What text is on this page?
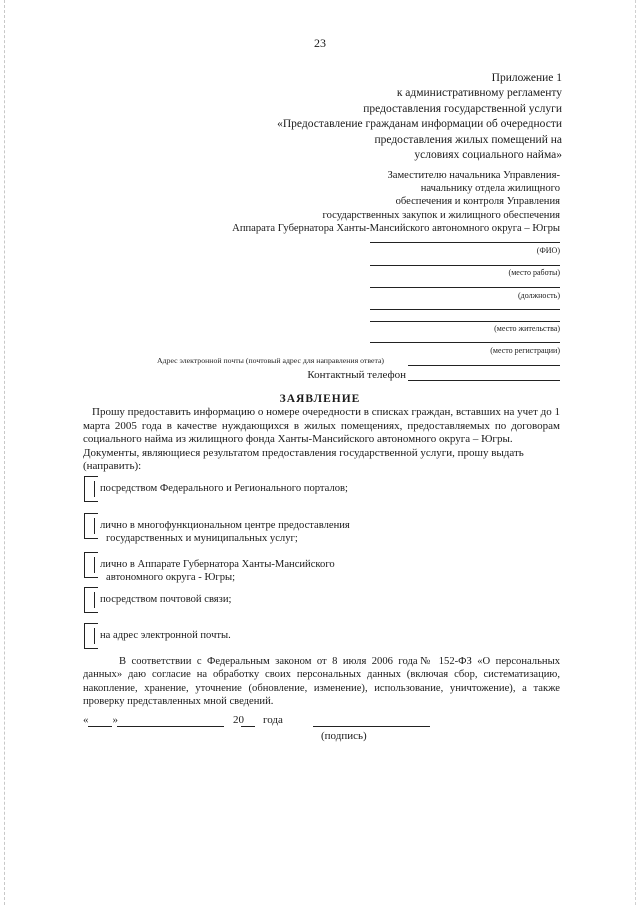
23
Приложение 1
к административному регламенту
предоставления государственной услуги
«Предоставление гражданам информации об очередности
предоставления жилых помещений на
условиях социального найма»
Заместителю начальника Управления-
начальнику отдела жилищного
обеспечения и контроля Управления
государственных закупок и жилищного обеспечения
Аппарата Губернатора Ханты-Мансийского автономного округа – Югры
(ФИО)
(место работы)
(должность)
(место жительства)
(место регистрации)
Адрес электронной почты (почтовый адрес для направления ответа)
Контактный телефон
ЗАЯВЛЕНИЕ
Прошу предоставить информацию о номере очередности в списках граждан, вставших на учет до 1
марта 2005 года в качестве нуждающихся в жилых помещениях, предоставляемых по договорам
социального найма из жилищного фонда Ханты-Мансийского автономного округа – Югры.
Документы, являющиеся результатом предоставления государственной услуги, прошу выдать
(направить):
посредством Федерального и Регионального порталов;
лично в многофункциональном центре предоставления
государственных и муниципальных услуг;
лично в Аппарате Губернатора Ханты-Мансийского
автономного округа - Югры;
посредством почтовой связи;
на адрес электронной почты.
В соответствии с Федеральным законом от 8 июля 2006 года№ 152-ФЗ «О персональных
данных» даю согласие на обработку своих персональных данных (включая сбор, систематизацию,
накопление, хранение, уточнение (обновление, изменение), использование, уничтожение), а также
проверку представленных мной сведений.
« »	20 года
(подпись)
